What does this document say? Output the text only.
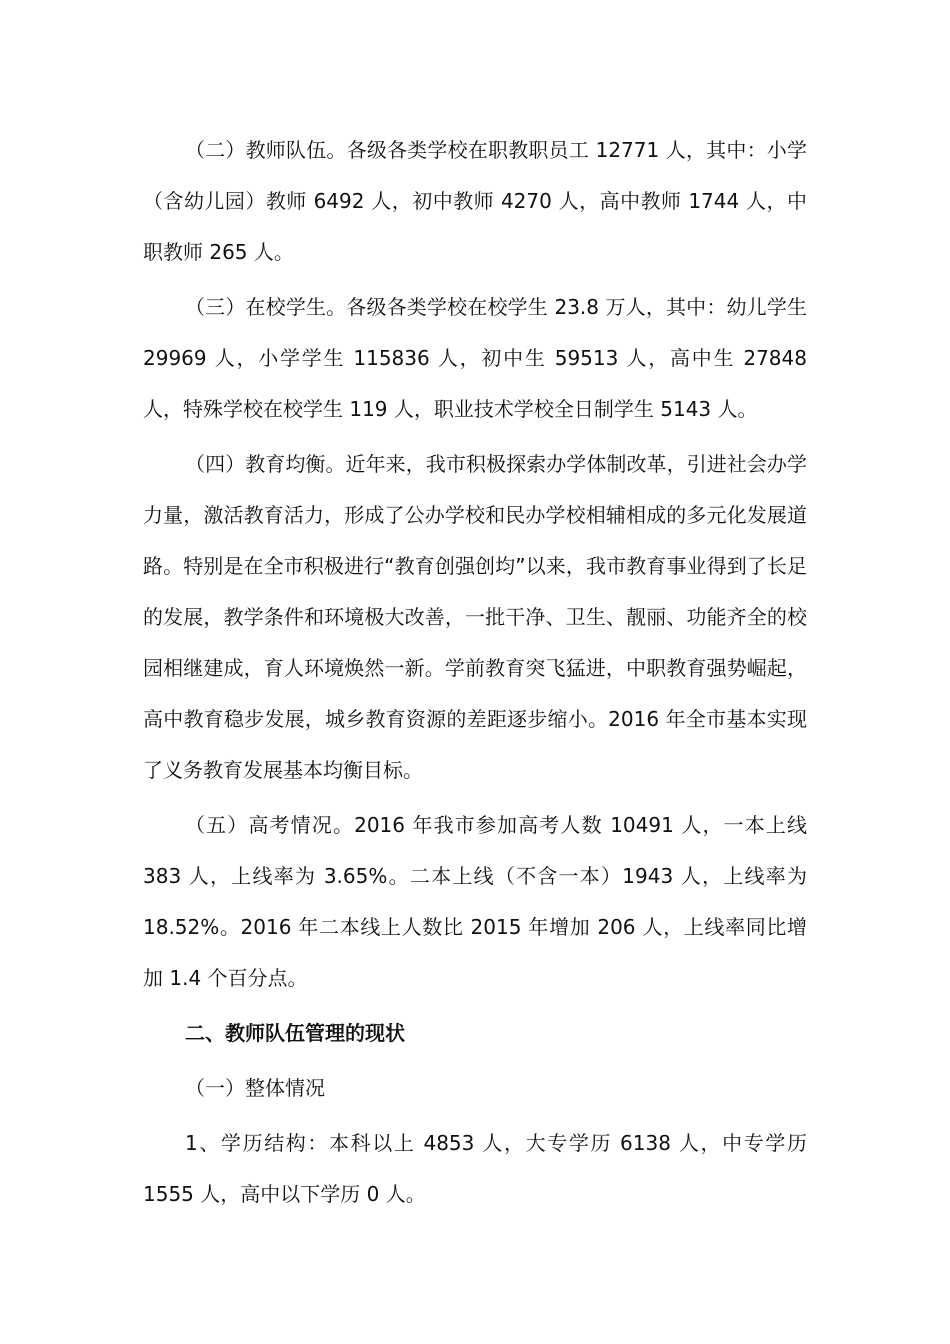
（二）教师队伍。各级各类学校在职教职员工 12771 人，其中：小学（含幼儿园）教师 6492 人，初中教师 4270 人，高中教师 1744 人，中职教师 265 人。

（三）在校学生。各级各类学校在校学生 23.8 万人，其中：幼儿学生 29969 人，小学学生 115836 人，初中生 59513 人，高中生 27848 人，特殊学校在校学生 119 人，职业技术学校全日制学生 5143 人。

（四）教育均衡。近年来，我市积极探索办学体制改革，引进社会办学力量，激活教育活力，形成了公办学校和民办学校相辅相成的多元化发展道路。特别是在全市积极进行“教育创强创均”以来，我市教育事业得到了长足的发展，教学条件和环境极大改善，一批干净、卫生、靓丽、功能齐全的校园相继建成，育人环境焕然一新。学前教育突飞猛进，中职教育强势崛起，高中教育稳步发展，城乡教育资源的差距逐步缩小。2016 年全市基本实现了义务教育发展基本均衡目标。

（五）高考情况。2016 年我市参加高考人数 10491 人，一本上线 383 人，上线率为 3.65%。二本上线（不含一本）1943 人，上线率为 18.52%。2016 年二本线上人数比 2015 年增加 206 人，上线率同比增加 1.4 个百分点。

二、教师队伍管理的现状

（一）整体情况

1、学历结构：本科以上 4853 人，大专学历 6138 人，中专学历 1555 人，高中以下学历 0 人。
